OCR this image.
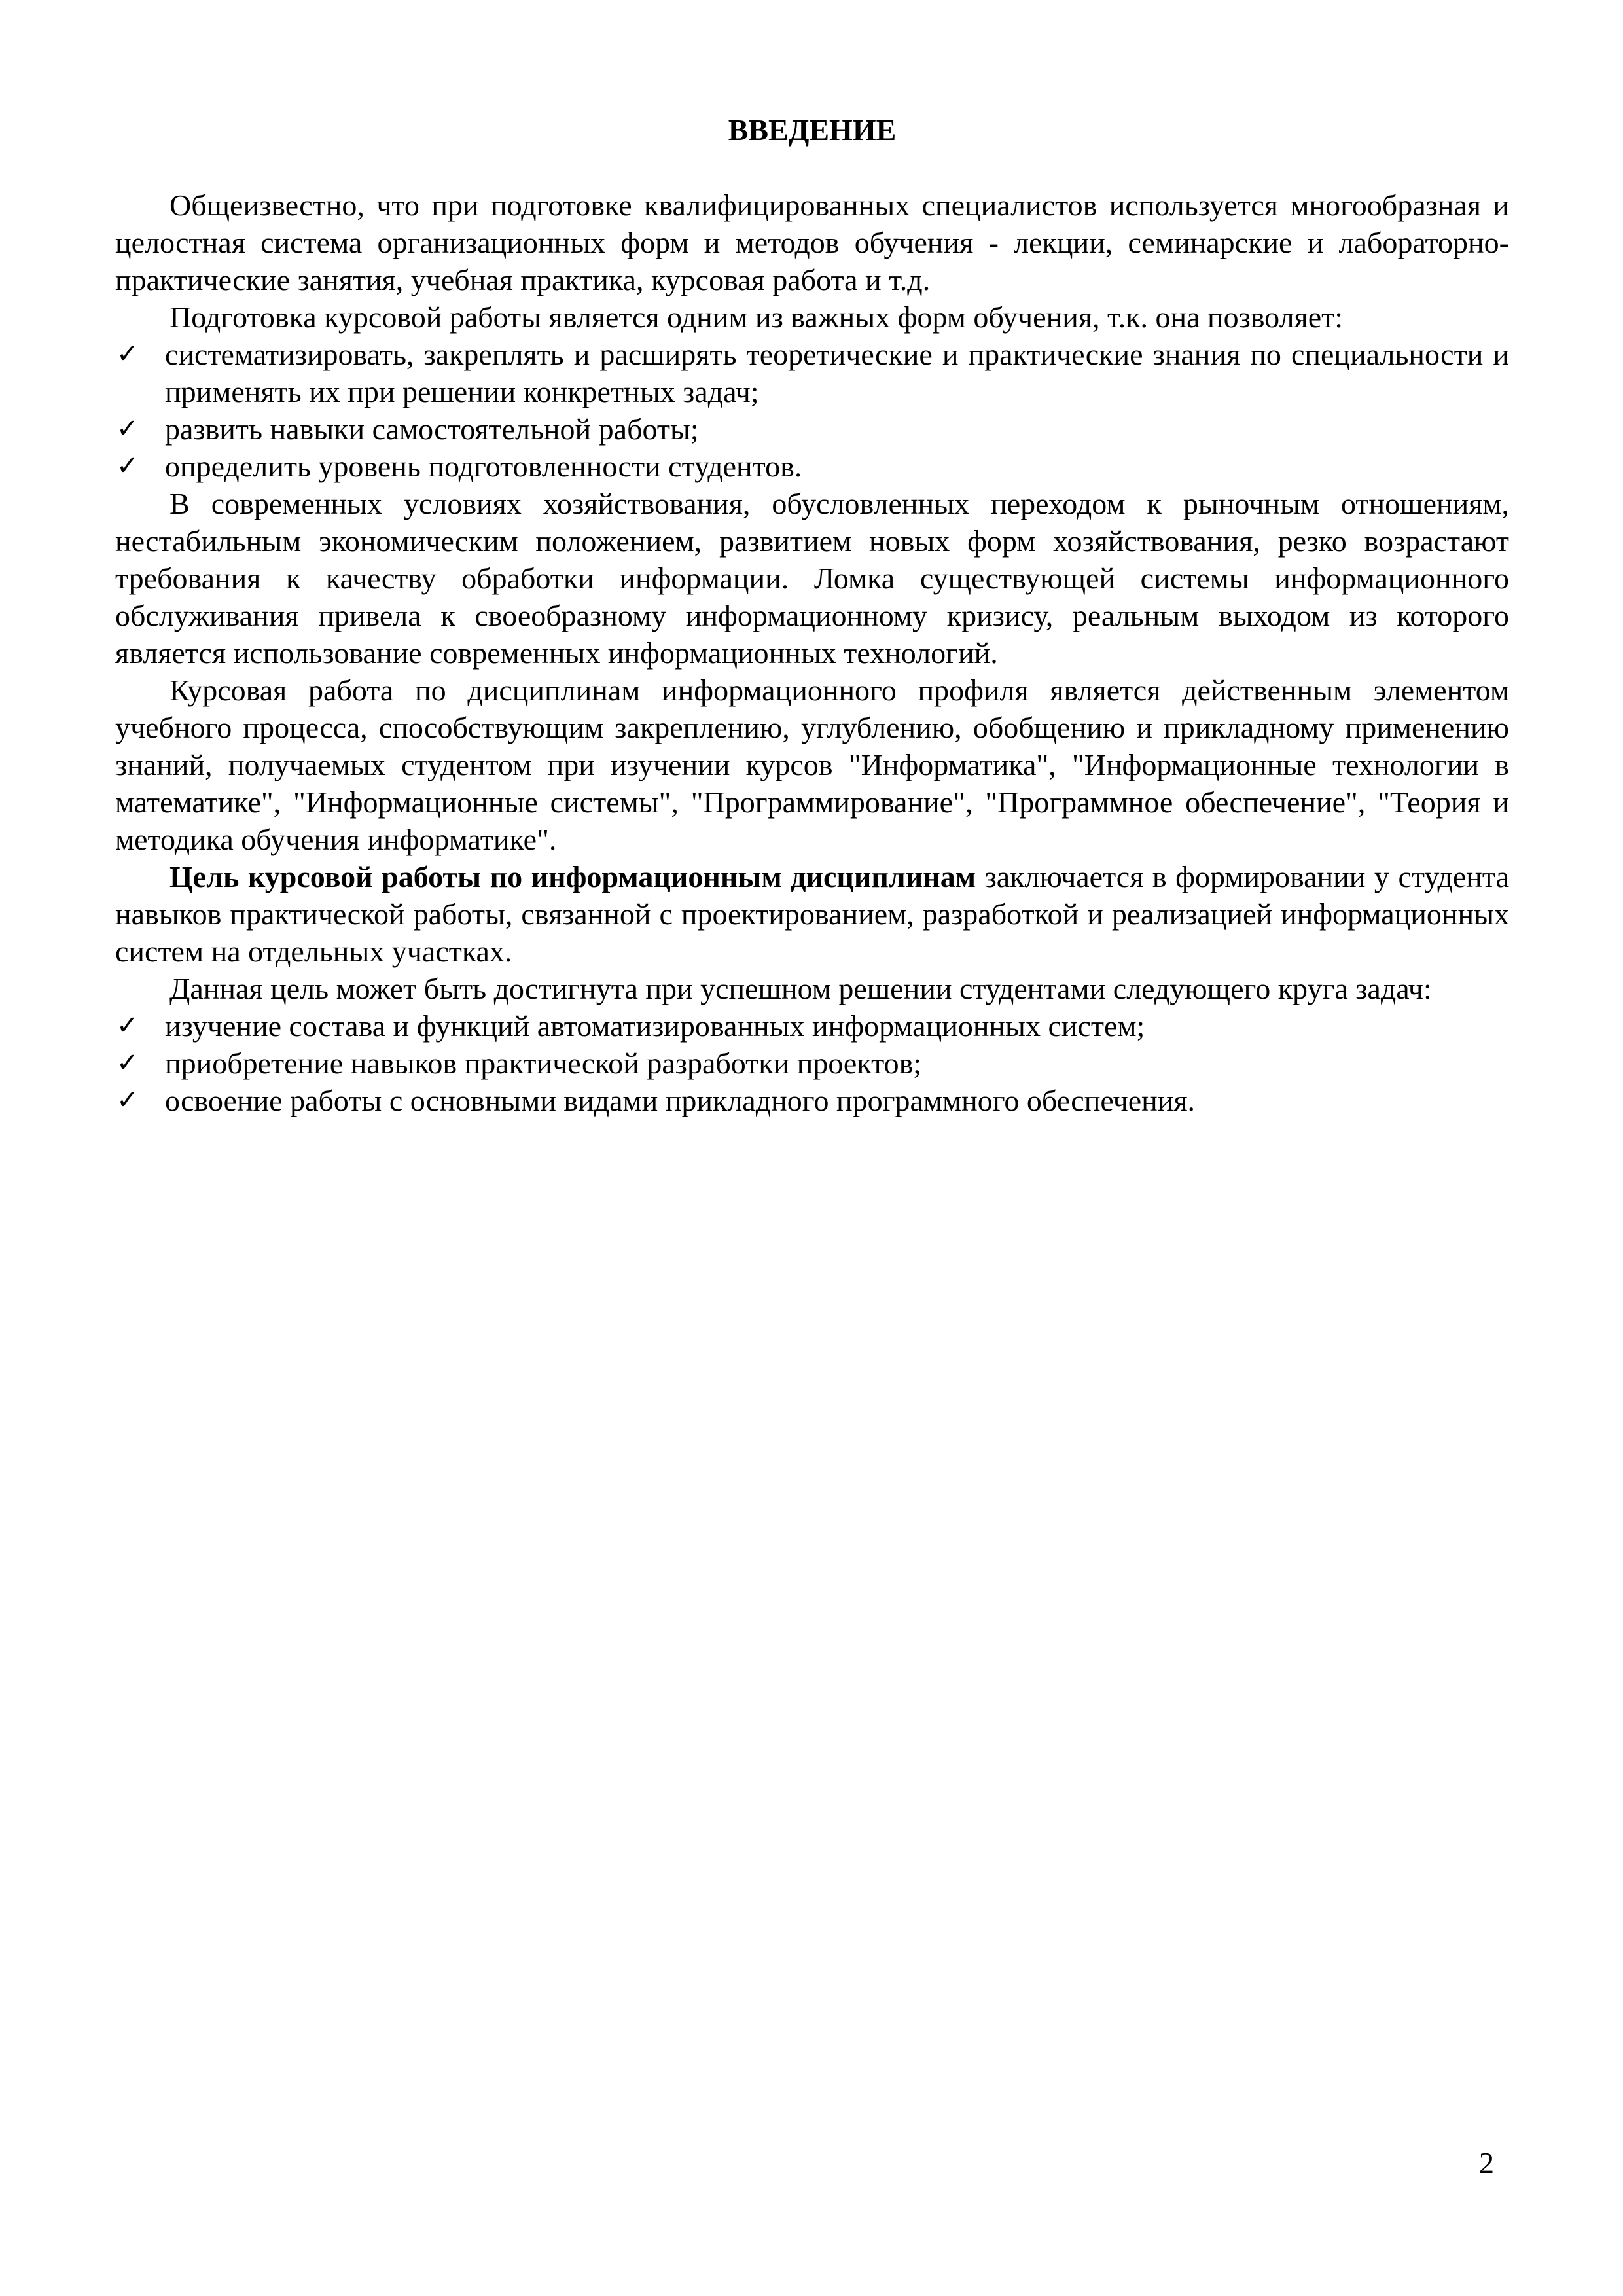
ВВЕДЕНИЕ

Общеизвестно, что при подготовке квалифицированных специалистов используется многообразная и целостная система организационных форм и методов обучения - лекции, семинарские и лабораторно-практические занятия, учебная практика, курсовая работа и т.д.

Подготовка курсовой работы является одним из важных форм обучения, т.к. она позволяет:

✓ систематизировать, закреплять и расширять теоретические и практические знания по специальности и применять их при решении конкретных задач;
✓ развить навыки самостоятельной работы;
✓ определить уровень подготовленности студентов.

В современных условиях хозяйствования, обусловленных переходом к рыночным отношениям, нестабильным экономическим положением, развитием новых форм хозяйствования, резко возрастают требования к качеству обработки информации. Ломка существующей системы информационного обслуживания привела к своеобразному информационному кризису, реальным выходом из которого является использование современных информационных технологий.

Курсовая работа по дисциплинам информационного профиля является действенным элементом учебного процесса, способствующим закреплению, углублению, обобщению и прикладному применению знаний, получаемых студентом при изучении курсов "Информатика", "Информационные технологии в математике", "Информационные системы", "Программирование", "Программное обеспечение", "Теория и методика обучения информатике".

Цель курсовой работы по информационным дисциплинам заключается в формировании у студента навыков практической работы, связанной с проектированием, разработкой и реализацией информационных систем на отдельных участках.

Данная цель может быть достигнута при успешном решении студентами следующего круга задач:

✓ изучение состава и функций автоматизированных информационных систем;
✓ приобретение навыков практической разработки проектов;
✓ освоение работы с основными видами прикладного программного обеспечения.
2
